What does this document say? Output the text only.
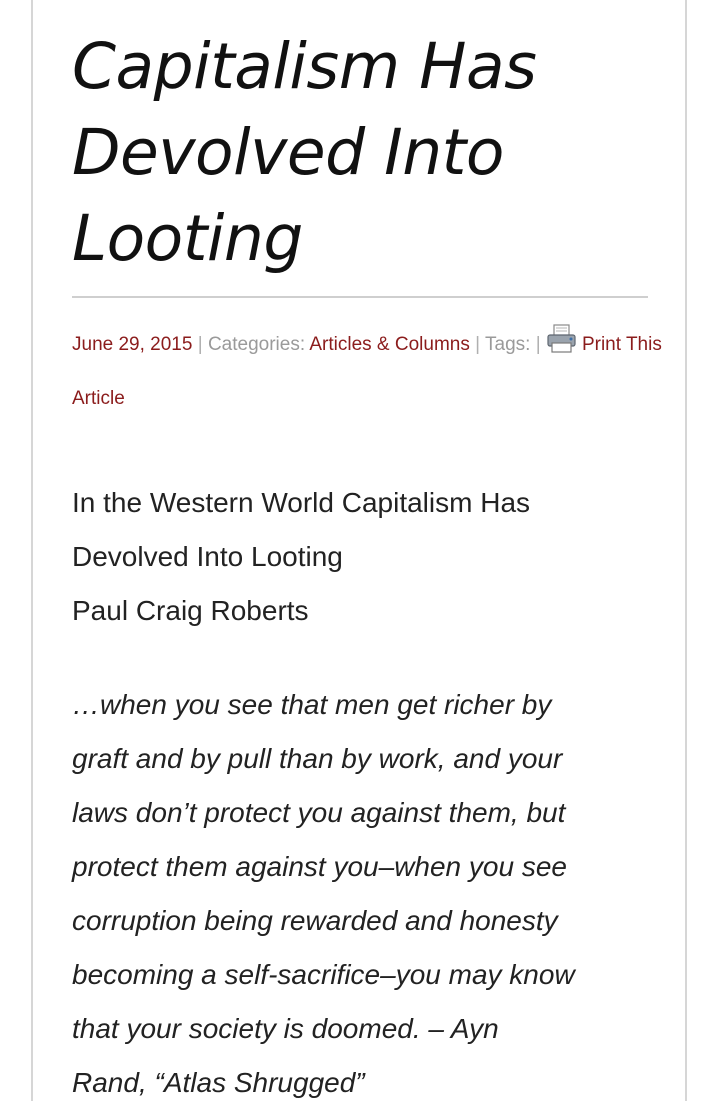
Capitalism Has
Devolved Into
Looting
June 29, 2015 | Categories: Articles & Columns | Tags: | Print This Article
In the Western World Capitalism Has
Devolved Into Looting
Paul Craig Roberts
…when you see that men get richer by
graft and by pull than by work, and your
laws don’t protect you against them, but
protect them against you–when you see
corruption being rewarded and honesty
becoming a self-sacrifice–you may know
that your society is doomed. – Ayn
Rand, “Atlas Shrugged”
